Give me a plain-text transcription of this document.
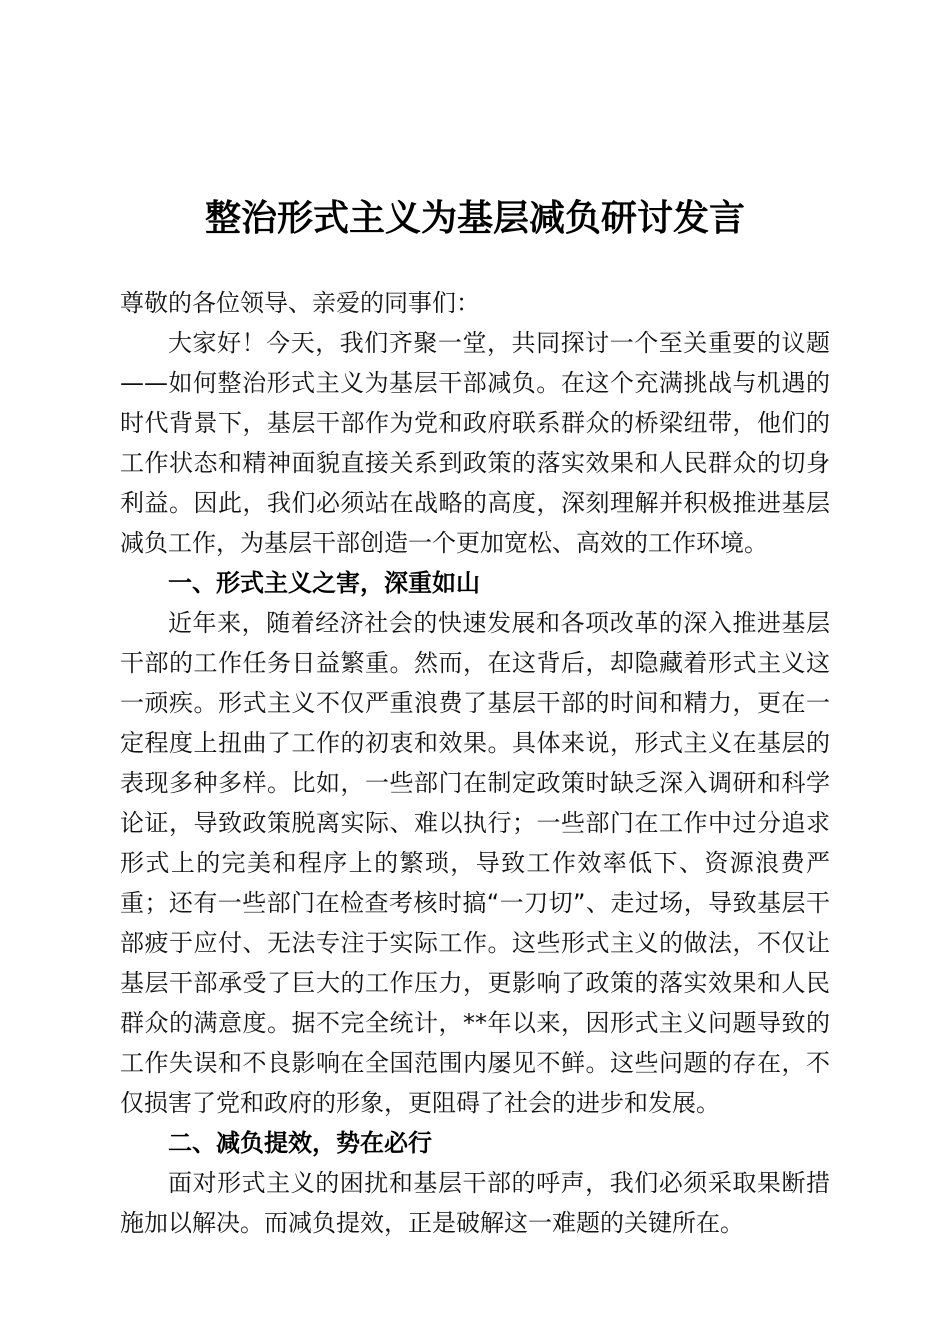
整治形式主义为基层减负研讨发言

尊敬的各位领导、亲爱的同事们：

大家好！今天，我们齐聚一堂，共同探讨一个至关重要的议题——如何整治形式主义为基层干部减负。在这个充满挑战与机遇的时代背景下，基层干部作为党和政府联系群众的桥梁纽带，他们的工作状态和精神面貌直接关系到政策的落实效果和人民群众的切身利益。因此，我们必须站在战略的高度，深刻理解并积极推进基层减负工作，为基层干部创造一个更加宽松、高效的工作环境。

一、形式主义之害，深重如山

近年来，随着经济社会的快速发展和各项改革的深入推进基层干部的工作任务日益繁重。然而，在这背后，却隐藏着形式主义这一顽疾。形式主义不仅严重浪费了基层干部的时间和精力，更在一定程度上扭曲了工作的初衷和效果。具体来说，形式主义在基层的表现多种多样。比如，一些部门在制定政策时缺乏深入调研和科学论证，导致政策脱离实际、难以执行；一些部门在工作中过分追求形式上的完美和程序上的繁琐，导致工作效率低下、资源浪费严重；还有一些部门在检查考核时搞“一刀切”、走过场，导致基层干部疲于应付、无法专注于实际工作。这些形式主义的做法，不仅让基层干部承受了巨大的工作压力，更影响了政策的落实效果和人民群众的满意度。据不完全统计，**年以来，因形式主义问题导致的工作失误和不良影响在全国范围内屡见不鲜。这些问题的存在，不仅损害了党和政府的形象，更阻碍了社会的进步和发展。

二、减负提效，势在必行

面对形式主义的困扰和基层干部的呼声，我们必须采取果断措施加以解决。而减负提效，正是破解这一难题的关键所在。
